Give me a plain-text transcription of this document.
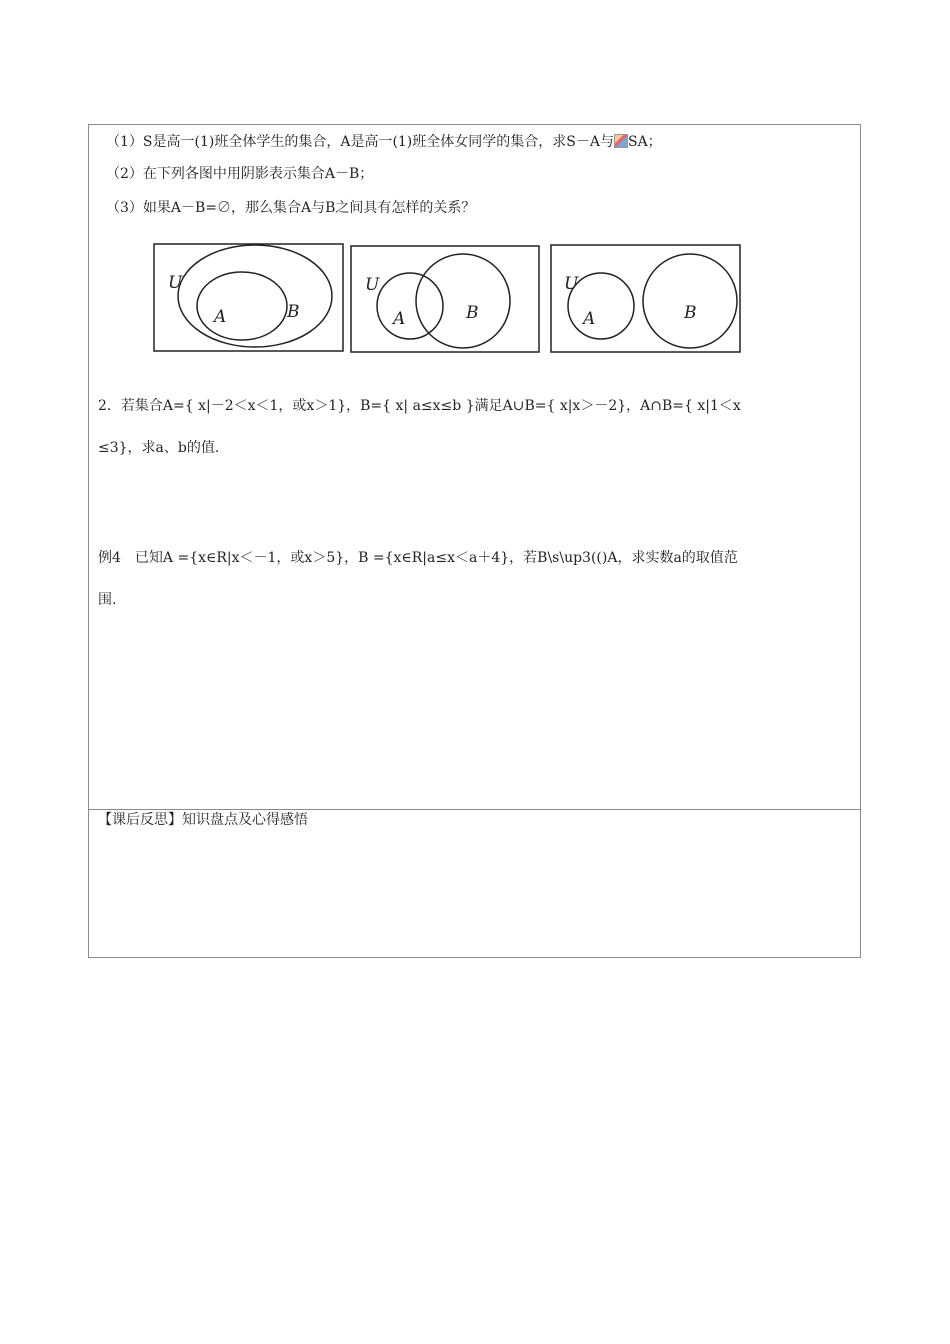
（1）S是高一(1)班全体学生的集合，A是高一(1)班全体女同学的集合，求S－A与 SA；
（2）在下列各图中用阴影表示集合A－B；
（3）如果A－B=∅，那么集合A与B之间具有怎样的关系？
U
A	B
U
A	B
U
A	B
2．若集合A={ x|－2＜x＜1，或x＞1}，B={ x| a≤x≤b }满足A∪B={ x|x＞－2}，A∩B={ x|1＜x
≤3}，求a、b的值.
例4　已知A ={x∈R|x＜－1，或x＞5}，B ={x∈R|a≤x＜a＋4}，若B\s\up3(()A，求实数a的取值范
围.
【课后反思】知识盘点及心得感悟
